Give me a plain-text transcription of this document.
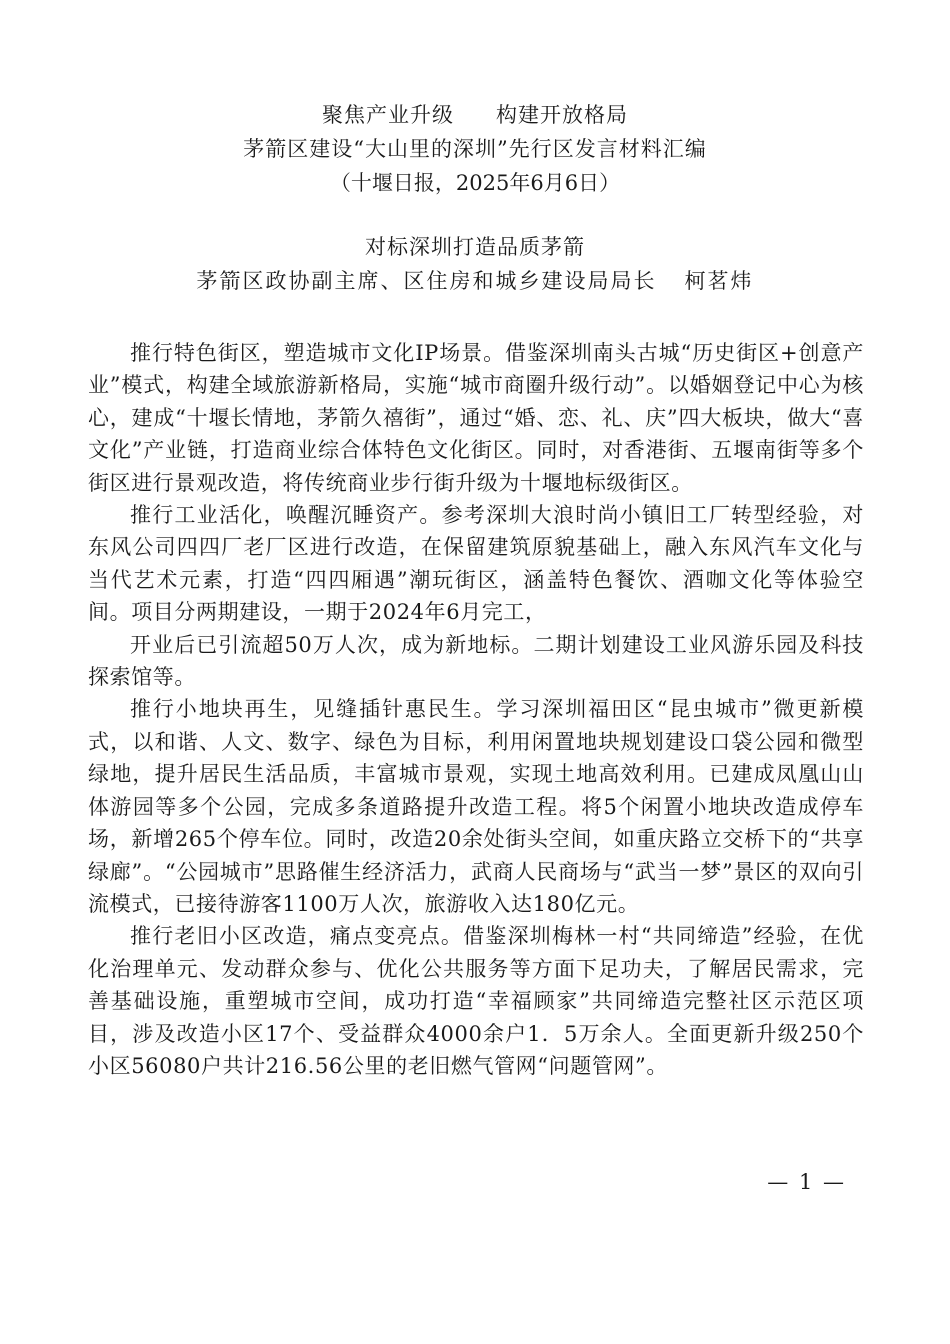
聚焦产业升级 构建开放格局
茅箭区建设“大山里的深圳”先行区发言材料汇编
（十堰日报，2025年6月6日）
对标深圳打造品质茅箭
茅箭区政协副主席、区住房和城乡建设局局长 柯茗炜

推行特色街区，塑造城市文化IP场景。借鉴深圳南头古城“历史街区+创意产业”模式，构建全域旅游新格局，实施“城市商圈升级行动”。以婚姻登记中心为核心，建成“十堰长情地，茅箭久禧街”，通过“婚、恋、礼、庆”四大板块，做大“喜文化”产业链，打造商业综合体特色文化街区。同时，对香港街、五堰南街等多个街区进行景观改造，将传统商业步行街升级为十堰地标级街区。

推行工业活化，唤醒沉睡资产。参考深圳大浪时尚小镇旧工厂转型经验，对东风公司四四厂老厂区进行改造，在保留建筑原貌基础上，融入东风汽车文化与当代艺术元素，打造“四四厢遇”潮玩街区，涵盖特色餐饮、酒咖文化等体验空间。项目分两期建设，一期于2024年6月完工，

开业后已引流超50万人次，成为新地标。二期计划建设工业风游乐园及科技探索馆等。

推行小地块再生，见缝插针惠民生。学习深圳福田区“昆虫城市”微更新模式，以和谐、人文、数字、绿色为目标，利用闲置地块规划建设口袋公园和微型绿地，提升居民生活品质，丰富城市景观，实现土地高效利用。已建成凤凰山山体游园等多个公园，完成多条道路提升改造工程。将5个闲置小地块改造成停车场，新增265个停车位。同时，改造20余处街头空间，如重庆路立交桥下的“共享绿廊”。“公园城市”思路催生经济活力，武商人民商场与“武当一梦”景区的双向引流模式，已接待游客1100万人次，旅游收入达180亿元。

推行老旧小区改造，痛点变亮点。借鉴深圳梅林一村“共同缔造”经验，在优化治理单元、发动群众参与、优化公共服务等方面下足功夫，了解居民需求，完善基础设施，重塑城市空间，成功打造“幸福顾家”共同缔造完整社区示范区项目，涉及改造小区17个、受益群众4000余户1．5万余人。全面更新升级250个小区56080户共计216.56公里的老旧燃气管网“问题管网”。

— 1 —
